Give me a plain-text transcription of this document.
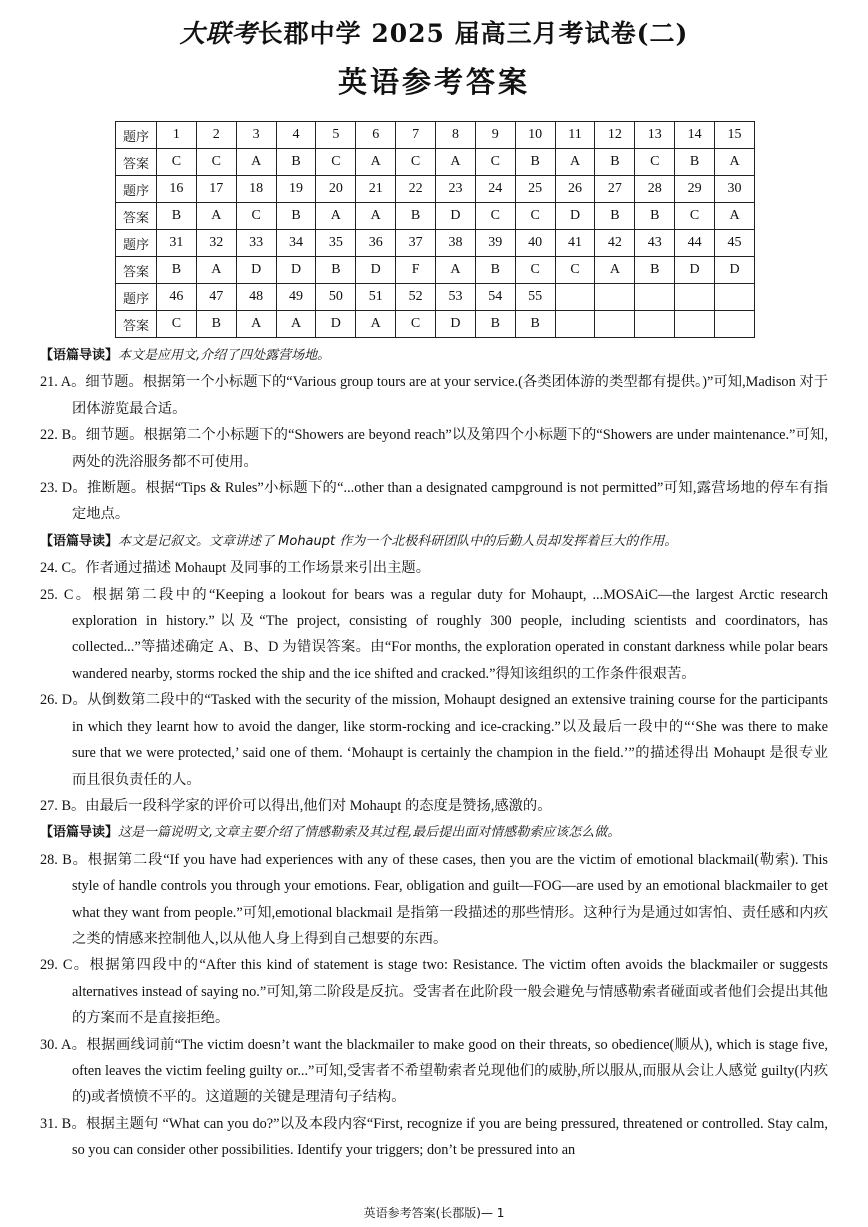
大联考长郡中学 2025 届高三月考试卷(二)
英语参考答案
题序	1	2	3	4	5	6	7	8	9	10	11	12	13	14	15
答案	C	C	A	B	C	A	C	A	C	B	A	B	C	B	A
题序	16	17	18	19	20	21	22	23	24	25	26	27	28	29	30
答案	B	A	C	B	A	A	B	D	C	C	D	B	B	C	A
题序	31	32	33	34	35	36	37	38	39	40	41	42	43	44	45
答案	B	A	D	D	B	D	F	A	B	C	C	A	B	D	D
题序	46	47	48	49	50	51	52	53	54	55					
答案	C	B	A	A	D	A	C	D	B	B					

【语篇导读】本文是应用文,介绍了四处露营场地。

21. A。细节题。根据第一个小标题下的“Various group tours are at your service.(各类团体游的类型都有提供。)”可知,Madison 对于团体游览最合适。

22. B。细节题。根据第二个小标题下的“Showers are beyond reach”以及第四个小标题下的“Showers are under maintenance.”可知,两处的洗浴服务都不可使用。

23. D。推断题。根据“Tips & Rules”小标题下的“...other than a designated campground is not permitted”可知,露营场地的停车有指定地点。

【语篇导读】本文是记叙文。文章讲述了 Mohaupt 作为一个北极科研团队中的后勤人员却发挥着巨大的作用。

24. C。作者通过描述 Mohaupt 及同事的工作场景来引出主题。

25. C。根据第二段中的“Keeping a lookout for bears was a regular duty for Mohaupt, ...MOSAiC—the largest Arctic research exploration in history.”以及“The project, consisting of roughly 300 people, including scientists and coordinators, has collected...”等描述确定 A、B、D 为错误答案。由“For months, the exploration operated in constant darkness while polar bears wandered nearby, storms rocked the ship and the ice shifted and cracked.”得知该组织的工作条件很艰苦。

26. D。从倒数第二段中的“Tasked with the security of the mission, Mohaupt designed an extensive training course for the participants in which they learnt how to avoid the danger, like storm-rocking and ice-cracking.”以及最后一段中的“‘She was there to make sure that we were protected,’ said one of them. ‘Mohaupt is certainly the champion in the field.’”的描述得出 Mohaupt 是很专业而且很负责任的人。

27. B。由最后一段科学家的评价可以得出,他们对 Mohaupt 的态度是赞扬,感激的。

【语篇导读】这是一篇说明文,文章主要介绍了情感勒索及其过程,最后提出面对情感勒索应该怎么做。

28. B。根据第二段“If you have had experiences with any of these cases, then you are the victim of emotional blackmail(勒索). This style of handle controls you through your emotions. Fear, obligation and guilt—FOG—are used by an emotional blackmailer to get what they want from people.”可知,emotional blackmail 是指第一段描述的那些情形。这种行为是通过如害怕、责任感和内疚之类的情感来控制他人,以从他人身上得到自己想要的东西。

29. C。根据第四段中的“After this kind of statement is stage two: Resistance. The victim often avoids the blackmailer or suggests alternatives instead of saying no.”可知,第二阶段是反抗。受害者在此阶段一般会避免与情感勒索者碰面或者他们会提出其他的方案而不是直接拒绝。

30. A。根据画线词前“The victim doesn’t want the blackmailer to make good on their threats, so obedience(顺从), which is stage five, often leaves the victim feeling guilty or...”可知,受害者不希望勒索者兑现他们的威胁,所以服从,而服从会让人感觉 guilty(内疚的)或者愤愤不平的。这道题的关键是理清句子结构。

31. B。根据主题句 “What can you do?”以及本段内容“First, recognize if you are being pressured, threatened or controlled. Stay calm, so you can consider other possibilities. Identify your triggers; don’t be pressured into an

英语参考答案(长郡版)— 1
